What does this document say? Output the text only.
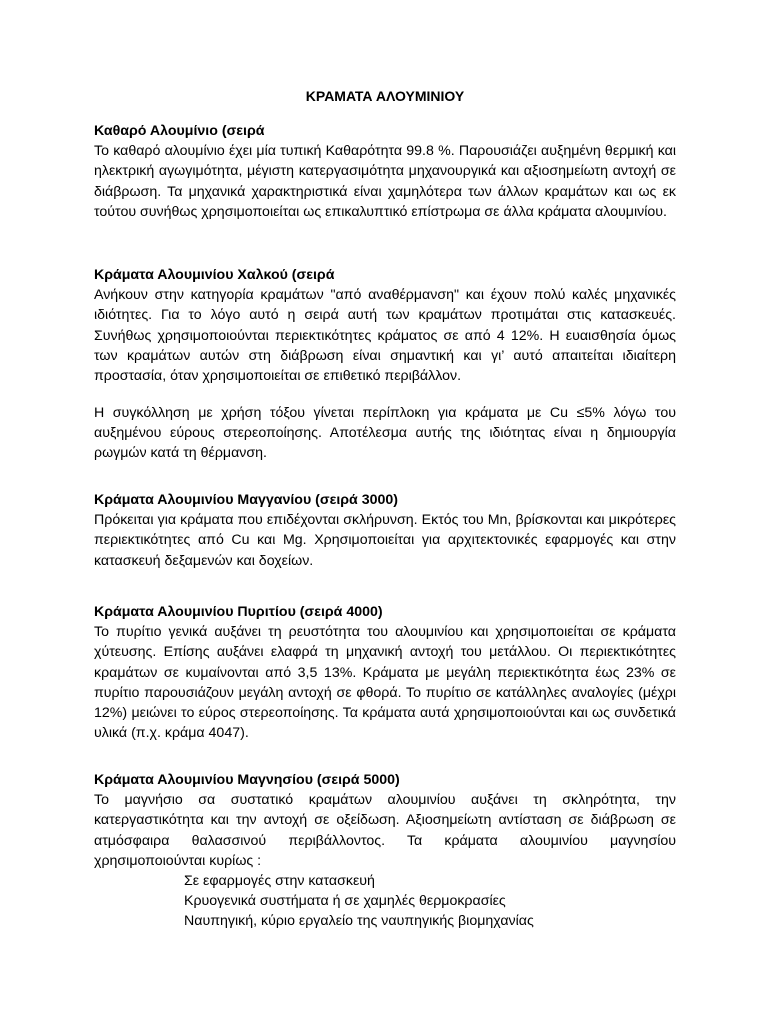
ΚΡΑΜΑΤΑ ΑΛΟΥΜΙΝΙΟΥ
Καθαρό Αλουμίνιο (σειρά
Το καθαρό αλουμίνιο έχει μία τυπική Καθαρότητα 99.8 %. Παρουσιάζει αυξημένη θερμική και ηλεκτρική αγωγιμότητα, μέγιστη κατεργασιμότητα μηχανουργικά και αξιοσημείωτη αντοχή σε διάβρωση. Τα μηχανικά χαρακτηριστικά είναι χαμηλότερα των άλλων κραμάτων και ως εκ τούτου συνήθως χρησιμοποιείται ως επικαλυπτικό επίστρωμα σε άλλα κράματα αλουμινίου.
Κράματα Αλουμινίου Χαλκού (σειρά
Ανήκουν στην κατηγορία κραμάτων "από αναθέρμανση" και έχουν πολύ καλές μηχανικές ιδιότητες. Για το λόγο αυτό η σειρά αυτή των κραμάτων προτιμάται στις κατασκευές. Συνήθως χρησιμοποιούνται περιεκτικότητες κράματος σε από 4 12%. Η ευαισθησία όμως των κραμάτων αυτών στη διάβρωση είναι σημαντική και γι’ αυτό απαιτείται ιδιαίτερη προστασία, όταν χρησιμοποιείται σε επιθετικό περιβάλλον.
Η συγκόλληση με χρήση τόξου γίνεται περίπλοκη για κράματα με Cu ≤5% λόγω του αυξημένου εύρους στερεοποίησης. Αποτέλεσμα αυτής της ιδιότητας είναι η δημιουργία ρωγμών κατά τη θέρμανση.
Κράματα Αλουμινίου Μαγγανίου (σειρά 3000)
Πρόκειται για κράματα που επιδέχονται σκλήρυνση. Εκτός του Mn, βρίσκονται και μικρότερες περιεκτικότητες από Cu και Mg. Χρησιμοποιείται για αρχιτεκτονικές εφαρμογές και στην κατασκευή δεξαμενών και δοχείων.
Κράματα Αλουμινίου Πυριτίου (σειρά 4000)
Το πυρίτιο γενικά αυξάνει τη ρευστότητα του αλουμινίου και χρησιμοποιείται σε κράματα χύτευσης. Επίσης αυξάνει ελαφρά τη μηχανική αντοχή του μετάλλου. Οι περιεκτικότητες κραμάτων σε κυμαίνονται από 3,5 13%. Κράματα με μεγάλη περιεκτικότητα έως 23% σε πυρίτιο παρουσιάζουν μεγάλη αντοχή σε φθορά. Το πυρίτιο σε κατάλληλες αναλογίες (μέχρι 12%) μειώνει το εύρος στερεοποίησης. Τα κράματα αυτά χρησιμοποιούνται και ως συνδετικά υλικά (π.χ. κράμα 4047).
Κράματα Αλουμινίου Μαγνησίου (σειρά 5000)
Το μαγνήσιο σα συστατικό κραμάτων αλουμινίου αυξάνει τη σκληρότητα, την κατεργαστικότητα και την αντοχή σε οξείδωση. Αξιοσημείωτη αντίσταση σε διάβρωση σε ατμόσφαιρα θαλασσινού περιβάλλοντος. Τα κράματα αλουμινίου μαγνησίου χρησιμοποιούνται κυρίως :
Σε εφαρμογές στην κατασκευή
Κρυογενικά συστήματα ή σε χαμηλές θερμοκρασίες
Ναυπηγική, κύριο εργαλείο της ναυπηγικής βιομηχανίας
